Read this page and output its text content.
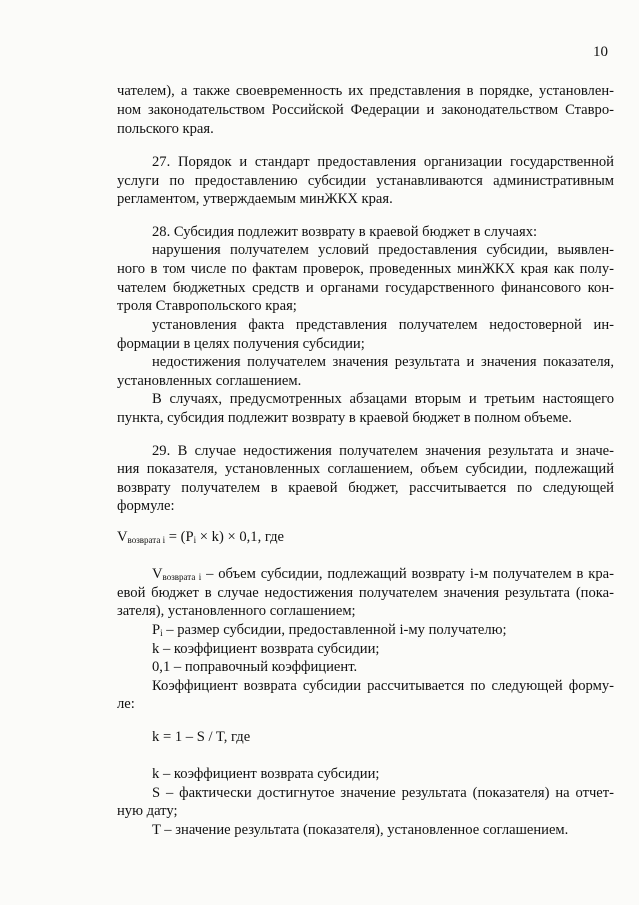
10
чателем), а также своевременность их представления в порядке, установлен-
ном законодательством Российской Федерации и законодательством Ставро-
польского края.
27. Порядок и стандарт предоставления организации государственной
услуги по предоставлению субсидии устанавливаются административным
регламентом, утверждаемым минЖКХ края.
28. Субсидия подлежит возврату в краевой бюджет в случаях:
нарушения получателем условий предоставления субсидии, выявлен-
ного в том числе по фактам проверок, проведенных минЖКХ края как полу-
чателем бюджетных средств и органами государственного финансового кон-
троля Ставропольского края;
установления факта представления получателем недостоверной ин-
формации в целях получения субсидии;
недостижения получателем значения результата и значения показателя,
установленных соглашением.
В случаях, предусмотренных абзацами вторым и третьим настоящего
пункта, субсидия подлежит возврату в краевой бюджет в полном объеме.
29. В случае недостижения получателем значения результата и значе-
ния показателя, установленных соглашением, объем субсидии, подлежащий
возврату получателем в краевой бюджет, рассчитывается по следующей
формуле:
$V_{возврата i} = (P_i \times k) \times 0,1$, где
$V_{возврата i}$ – объем субсидии, подлежащий возврату i-м получателем в кра-
евой бюджет в случае недостижения получателем значения результата (пока-
зателя), установленного соглашением;
$P_i$ – размер субсидии, предоставленной i-му получателю;
k – коэффициент возврата субсидии;
0,1 – поправочный коэффициент.
Коэффициент возврата субсидии рассчитывается по следующей форму-
ле:
k = 1 – S / T, где
k – коэффициент возврата субсидии;
S – фактически достигнутое значение результата (показателя) на отчет-
ную дату;
T – значение результата (показателя), установленное соглашением.
